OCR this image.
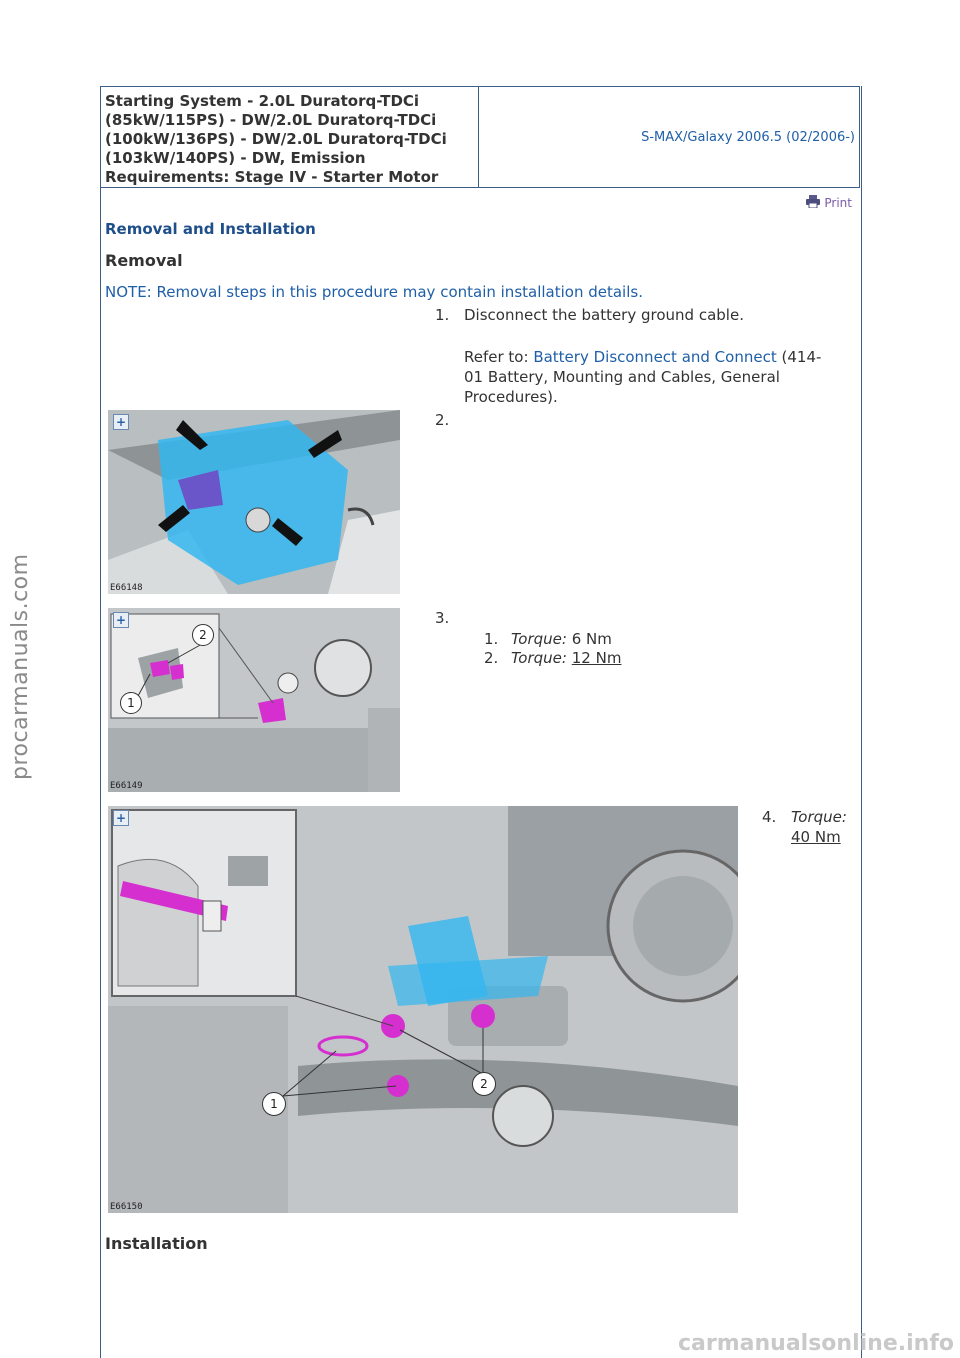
Starting System - 2.0L Duratorq-TDCi
(85kW/115PS) - DW/2.0L Duratorq-TDCi
(100kW/136PS) - DW/2.0L Duratorq-TDCi
(103kW/140PS) - DW, Emission
Requirements: Stage IV - Starter Motor
S-MAX/Galaxy 2006.5 (02/2006-)
Print
Removal and Installation
Removal
NOTE: Removal steps in this procedure may contain installation details.
1. Disconnect the battery ground cable.
Refer to: Battery Disconnect and Connect (414-
01 Battery, Mounting and Cables, General
Procedures).
+
E66148
2.
2
1
+
E66149
3.
1. Torque: 6 Nm
2. Torque: 12 Nm
1
2
+
E66150
4. Torque:
40 Nm
Installation
procarmanuals.com
carmanualsonline.info
